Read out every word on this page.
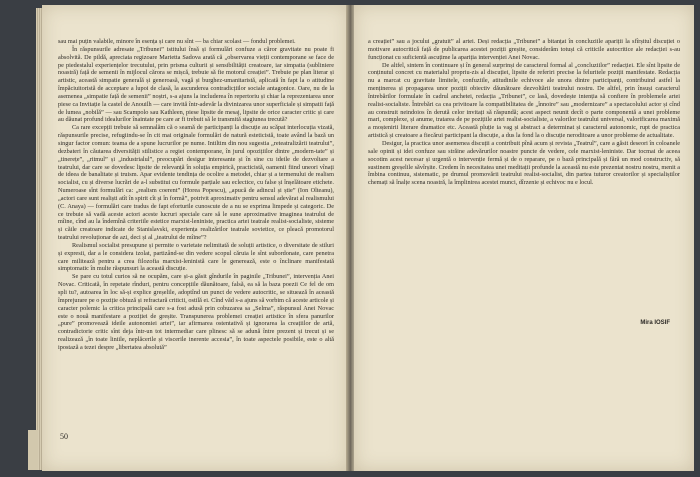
sau mai puțin valabile, minore în esența și care nu sînt — ba chiar scolast — fondul problemei.

În răspunsurile adresate „Tribunei” istitului însă și formulări confuze a căror gravitate nu poate fi absolvită. De pildă, apreciata regizoare Marietta Sadova arată că „observarea vieții contemporane se face de pe piedestalul experiențelor trecutului, prin prisma culturii și sensibilității creatoare, iar simpatia (subliniere noastră) față de semenii în mijlocul cărora se mișcă, trebuie să fie motorul creației”. Trebuie pe plan literar și artistic, această simpatie generală și generoasă, vagă și burghez-umanitaristă, aplicată în fapt la o atitudine împăciuitoristă de acceptare a lupoi de clasă, la ascunderea contradicțiilor sociale antagonice. Oare, nu de la asemenea „simpatie față de semenii” noștri, s-a ajuns la includerea în repertoriu și chiar la reprezentarea unor piese ca Invitație la castel de Anouilh — care invită într-adevăr la divinizarea unor superficiale și simpatii față de lumea „nobilă” — sau Scampolo sau Kathleen, piese lipsite de mesaj, lipsite de orice caracter critic și care au dăunat profund idealurilor înaintate pe care ar fi trebuit să le transmită stagiunea trecută?

Ca rare excepții trebuie să semnalăm că o seamă de participanți la discuție au scăpat interlocuția vizată, răspunsurile precise, refugiindu-se în cit mai originale formulări de natură esteticistă, toate având la bază un singur factor comun: teama de a spune lucrurilor pe nume. Intiltim din nou sugestia „reteatralizării teatrului”, dezbateri în căutarea diversității stilistice a regiei contemporane, în jurul opozițiilor dintre „modern-tate” și „tinerețe”, „ritmul” și „industrialul”, preocupări desigur interesante și în sine cu ideile de dezvoltare a teatrului, dar care se dovedesc lipsite de relevanță în soluția empirică, practicistă, oamenii fiind uneori vînați de ideea de banalitate și truism. Apar evidente tendința de ocolire a metodei, chiar și a termenului de realism socialist, cu și diverse lucrări de a-l substitui cu formule parțiale sau eclectice, cu false și înșelătoare etichete. Numeroase sînt formulări ca: „realism coerent” (Horea Popescu), „apucă de adincul și știe” (Ion Olteanu), „actori care sunt realiști atît în spirit cît și în formă”, potrivit aproximativ pentru sensul adevărat al realismului (C. Anaya) — formulări care tradus de fapt eforturile cunoscute de a nu se exprima limpede și categoric. De ce trebuie să vadă aceste actori aceste lucruri speciale care să le sune aproximative imaginea teatrului de mîine, cînd au la îndemînă criteriile estetice marxist-leniniste, practica artei teatrale realist-socialiste, sisteme și căile creatoare indicate de Stanislavski, experiența realizărilor teatrale sovietice, ce pleacă promotorul teatrului revoluționar de azi, deci și al „teatrului de mîine”?

Realismul socialist presupune și permite o varietate nelimitată de soluții artistice, o diversitate de stiluri și expresii, dar a le considera izolat, partizând-se din vedere scopul căruia le sînt subordonate, care penetra care militează pentru a crea filozofia marxist-leninistă care le generează, este o înclinare manifestată simptomatic în multe răspunsuri la această discuție.

Se pare cu totul curios să ne ocupăm, care și-a găsit gîndurile în paginile „Tribunei”, intervenția Anei Novac. Criticată, în repetate rînduri, pentru concepțiile dăunătoare, falsă, ea să la baza poezii Ce fel de om spli tu?, autoarea în loc să-și explice greșelile, adoptînd un punct de vedere autocritic, se situează în această împrejurare pe o poziție obtuză și refractară criticii, ostilă ei. Cînd văd s-a ajuns să vorbim că aceste articole și caracter polemic la critica principală care s-a fost adusă prin cobuzarea sa „Selma”, răspunsul Anei Novac este o nouă manifestare a poziției de greșite. Transpunerea problemei creației artistice în sfera panurilor „pure” promovează ideile autonomiei artei”, iar afirmarea ostentativă și ignorarea la creațiilor de artă, contradictorie critic sînt deja într-un tot intermediar care plinesc să se adună între prezent și trecut și se realizează „în toate liniile, neplăcerile și viscerile inerente accesia”, în toate aspectele posibile, este o altă ipostază a tezei despre „libertatea absolută”

50

a creației” sau a jocului „gratuit” al artei. Deși redacția „Tribunei” a bitanțat în concluziile apariții la sfîrșitul discuției o motivare autocritică față de publicarea acestei poziții greșite, considerăm totuși că criticile autocritice ale redacției s-au funcționat cu suficientă ascuțime la apariția intervenției Anei Novac.

De altfel, sintem în continuare și în general surprinși de caracterul formal al „concluziilor” redacției. Ele sînt lipsite de conținutul concret cu materialul propriu-zis al discuției, lipsite de referiri precise la feluritele poziții manifestate. Redacția nu a marcat cu gravitate limitele, confuziile, atitudinile echivoce ale unora dintre participanți, contribuind astfel la menținerea și propagarea unor poziții obiectiv dăunătoare dezvoltării teatrului nostru. De altfel, prin însuși caracterul întrebărilor formulate în cadrul anchetei, redacția „Tribunei”, ce lasă, dovedește intenția să confiere în problemele artei realist-socialiste. Întrebări ca cea privitoare la compatibilitatea de „înnoire” sau „modernizare” a spectacolului actor și cînd au construit neindoios în derută celor invitați să răspundă; acest aspect neunit decît o parte componentă a unei probleme mari, complexe, și anume, tratarea de pe pozițiile artei realist-socialiste, a valorilor teatrului universal, valorificarea maximă a moștenirii literare dramatice etc. Această pluție ia vag și abstract a determinat și caracterul autonomic, rupt de practica artistică și creatoare a fiecărui participant la discuție, a dus la fond la o discuție neroditoare a unor probleme de actualitate.

Desigur, la practica unor asemenea discuții a contribuit pînă acum și revista „Teatrul”, care a găsit deseori în coloanele sale opinii și idei confuze sau străine adevărurilor noastre puncte de vedere, cele marxist-leniniste. Dar tocmai de aceea socotim acest necesar și urgentă o intervenție fermă și de o reparare, pe o bază principală și fără un mod constructiv, să sustinem greșelile săvîrșite. Credem în necesitatea unei meditații profunde la această nu este prezentat nostru nostru, menit a îmbina continuu, sistematic, pe drumul promovării teatrului realist-socialist, din partea tuturor creatorilor și specialiștilor chemați să înalțe scena noastră, la împlinirea acestei munci, dîrzenie și echivoc nu e locul.

Mira IOSIF
